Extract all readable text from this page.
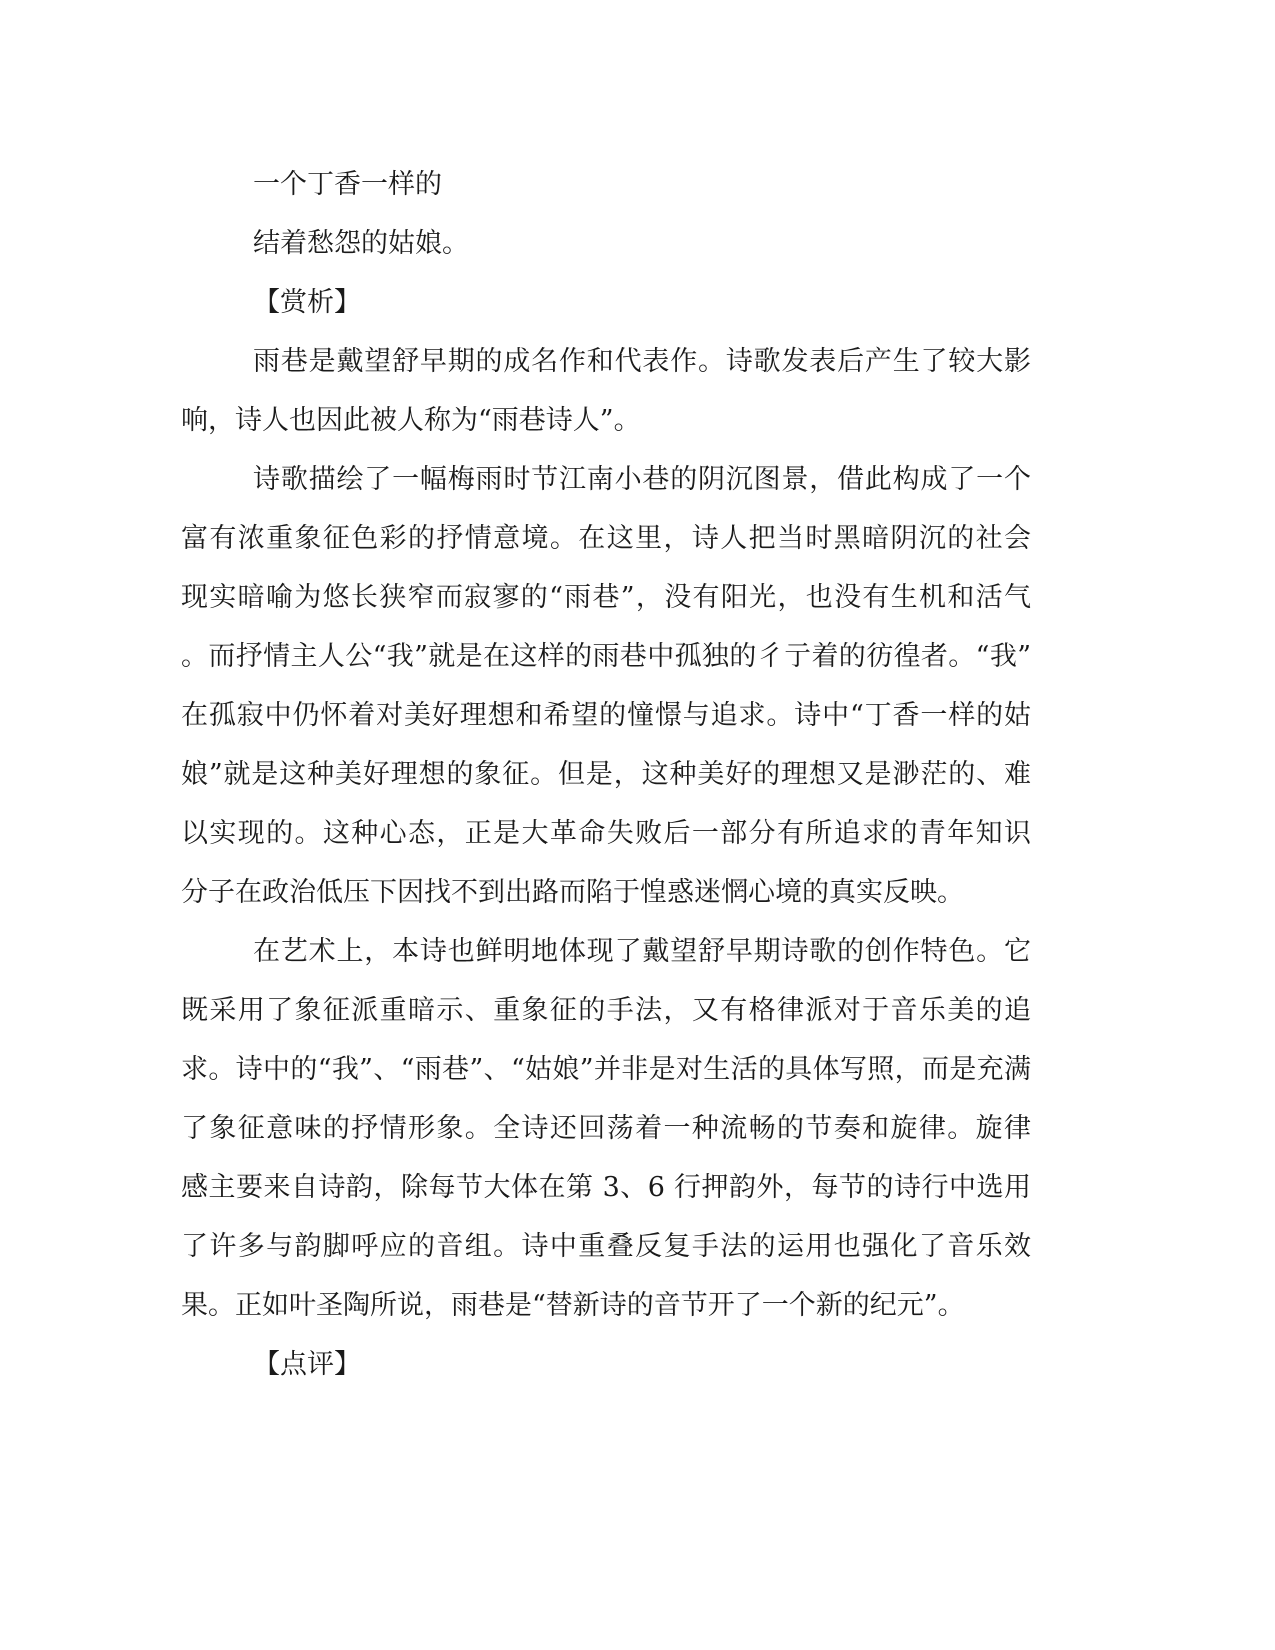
一个丁香一样的
结着愁怨的姑娘。
【赏析】
雨巷是戴望舒早期的成名作和代表作。诗歌发表后产生了较大影
响，诗人也因此被人称为“雨巷诗人”。
诗歌描绘了一幅梅雨时节江南小巷的阴沉图景，借此构成了一个
富有浓重象征色彩的抒情意境。在这里，诗人把当时黑暗阴沉的社会
现实暗喻为悠长狭窄而寂寥的“雨巷”，没有阳光，也没有生机和活气
。而抒情主人公“我”就是在这样的雨巷中孤独的彳亍着的彷徨者。“我”
在孤寂中仍怀着对美好理想和希望的憧憬与追求。诗中“丁香一样的姑
娘”就是这种美好理想的象征。但是，这种美好的理想又是渺茫的、难
以实现的。这种心态，正是大革命失败后一部分有所追求的青年知识
分子在政治低压下因找不到出路而陷于惶惑迷惘心境的真实反映。
在艺术上，本诗也鲜明地体现了戴望舒早期诗歌的创作特色。它
既采用了象征派重暗示、重象征的手法，又有格律派对于音乐美的追
求。诗中的“我”、“雨巷”、“姑娘”并非是对生活的具体写照，而是充满
了象征意味的抒情形象。全诗还回荡着一种流畅的节奏和旋律。旋律
感主要来自诗韵，除每节大体在第 3、6 行押韵外，每节的诗行中选用
了许多与韵脚呼应的音组。诗中重叠反复手法的运用也强化了音乐效
果。正如叶圣陶所说，雨巷是“替新诗的音节开了一个新的纪元”。
【点评】
